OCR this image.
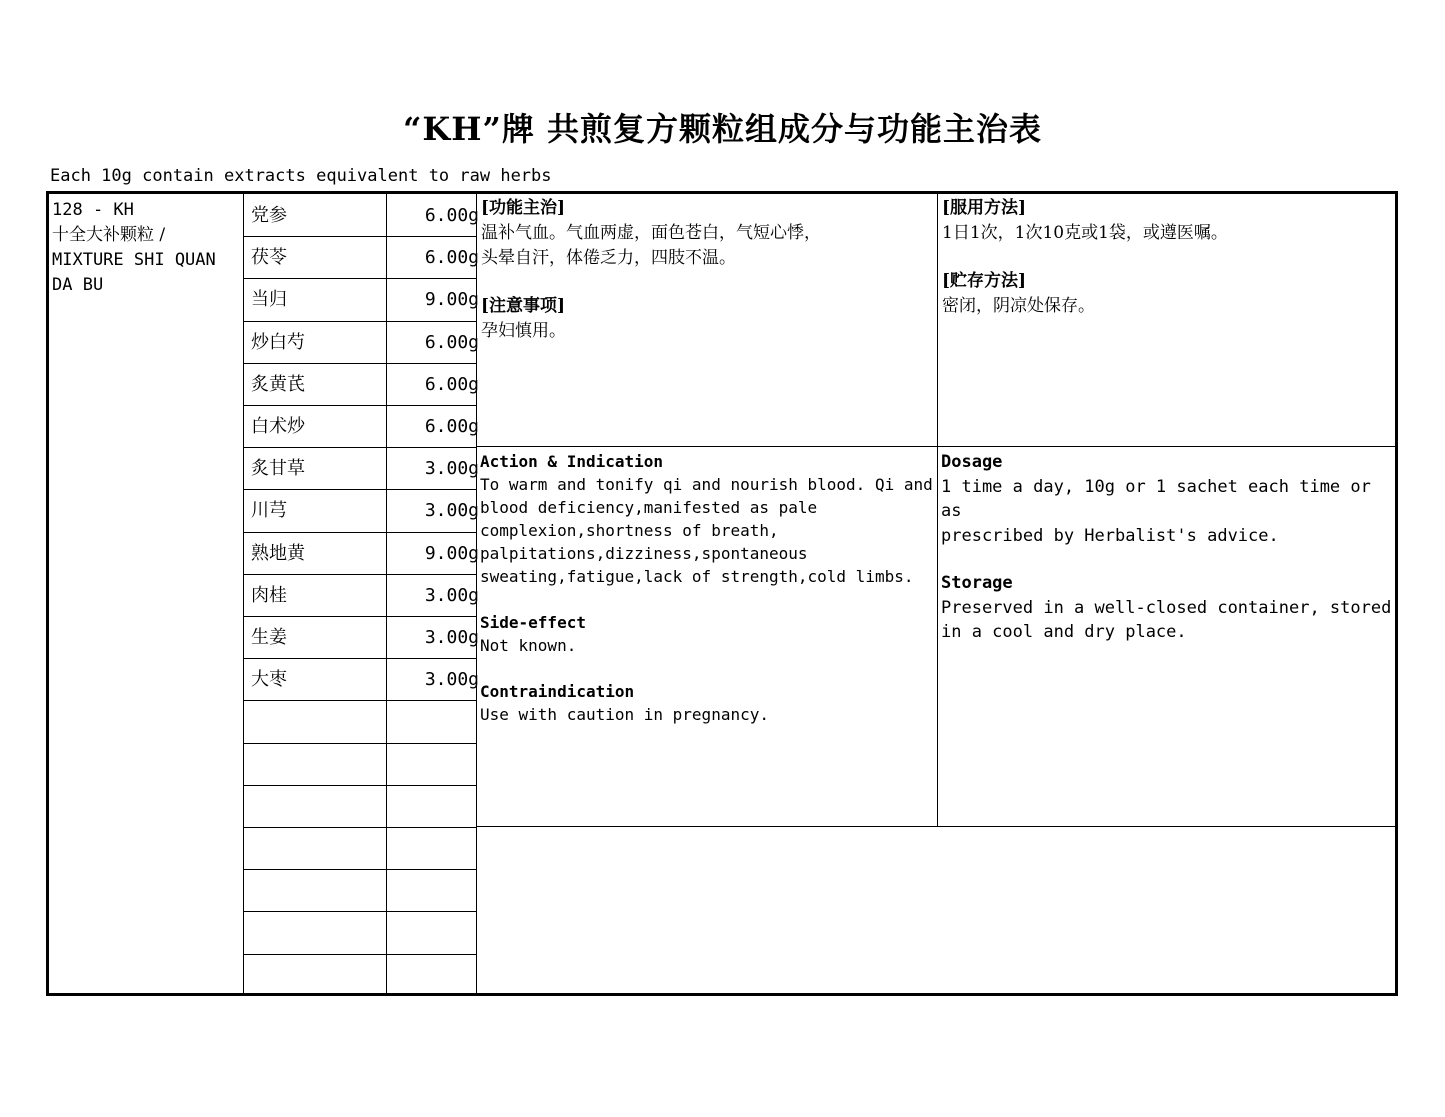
“KH”牌 共煎复方颗粒组成分与功能主治表
Each 10g contain extracts equivalent to raw herbs
128 - KH
十全大补颗粒 /
MIXTURE SHI QUAN
DA BU
党参	6.00g
茯苓	6.00g
当归	9.00g
炒白芍	6.00g
炙黄芪	6.00g
白术炒	6.00g
炙甘草	3.00g
川芎	3.00g
熟地黄	9.00g
肉桂	3.00g
生姜	3.00g
大枣	3.00g
[功能主治]
温补气血。气血两虚，面色苍白，气短心悸，
头晕自汗，体倦乏力，四肢不温。
[注意事项]
孕妇慎用。
[服用方法]
1日1次，1次10克或1袋，或遵医嘱。
[贮存方法]
密闭，阴凉处保存。
Action & Indication
To warm and tonify qi and nourish blood. Qi and
blood deficiency,manifested as pale
complexion,shortness of breath,
palpitations,dizziness,spontaneous
sweating,fatigue,lack of strength,cold limbs.
Side-effect
Not known.
Contraindication
Use with caution in pregnancy.
Dosage
1 time a day, 10g or 1 sachet each time or as
prescribed by Herbalist's advice.
Storage
Preserved in a well-closed container, stored
in a cool and dry place.
